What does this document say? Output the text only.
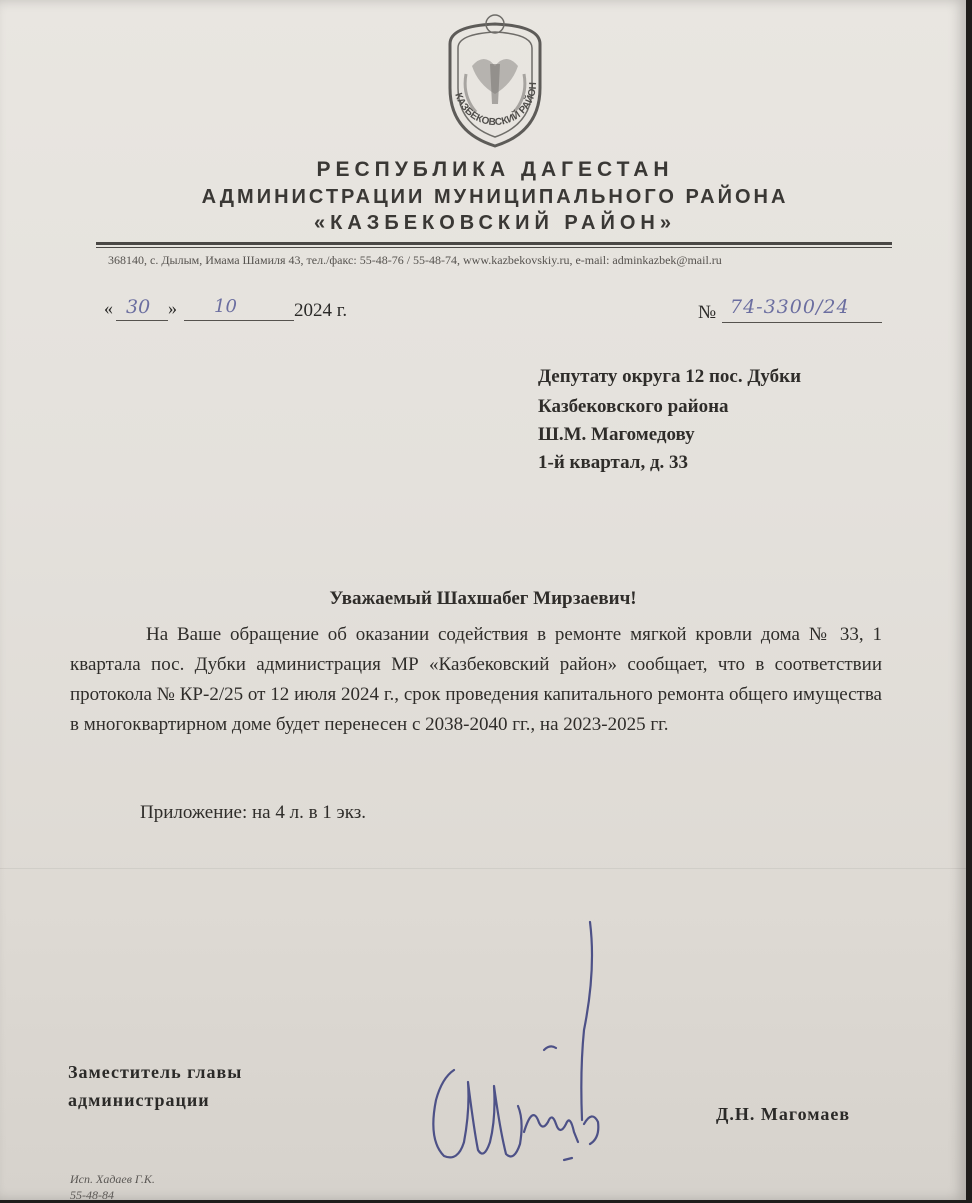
КАЗБЕКОВСКИЙ РАЙОН
РЕСПУБЛИКА ДАГЕСТАН
АДМИНИСТРАЦИИ МУНИЦИПАЛЬНОГО РАЙОНА
«КАЗБЕКОВСКИЙ РАЙОН»
368140, с. Дылым, Имама Шамиля 43, тел./факс: 55-48-76 / 55-48-74, www.kazbekovskiy.ru, e-mail: adminkazbek@mail.ru
« 30 » 10	2024 г.	№ 74-3300/24
Депутату округа 12 пос. Дубки
Казбековского района
Ш.М. Магомедову
1-й квартал, д. 33
Уважаемый Шахшабег Мирзаевич!
На Ваше обращение об оказании содействия в ремонте мягкой кровли дома № 33, 1 квартала пос. Дубки администрация МР «Казбековский район» сообщает, что в соответствии протокола № КР-2/25 от 12 июля 2024 г., срок проведения капитального ремонта общего имущества в многоквартирном доме будет перенесен с 2038-2040 гг., на 2023-2025 гг.
Приложение: на 4 л. в 1 экз.
Заместитель главы
администрации
Д.Н. Магомаев
Исп. Хадаев Г.К.
55-48-84
